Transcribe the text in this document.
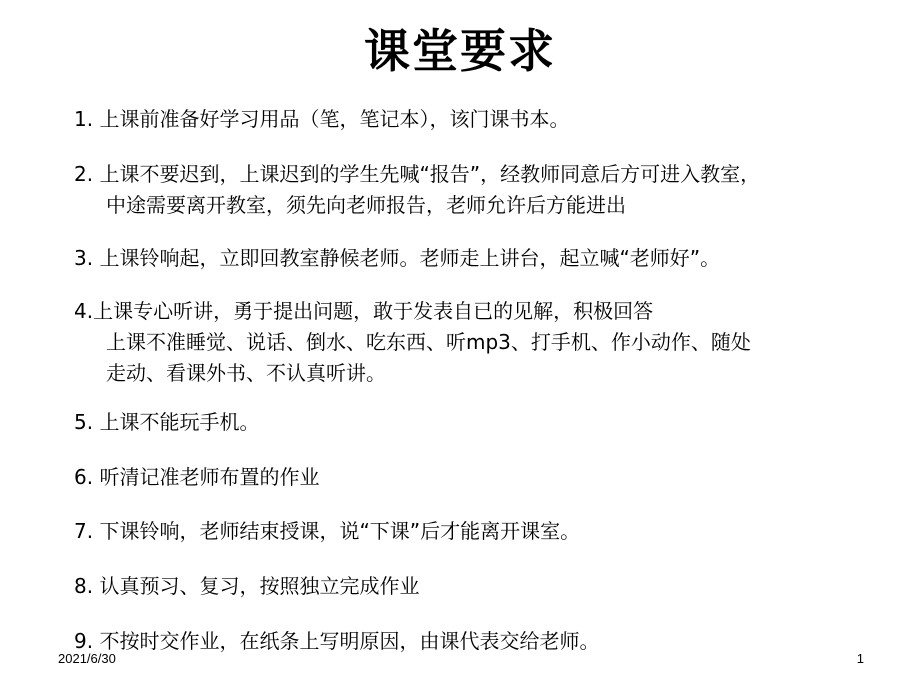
课堂要求
1. 上课前准备好学习用品（笔，笔记本），该门课书本。
2. 上课不要迟到，上课迟到的学生先喊“报告”，经教师同意后方可进入教室，
中途需要离开教室，须先向老师报告，老师允许后方能进出
3. 上课铃响起，立即回教室静候老师。老师走上讲台，起立喊“老师好”。
4.上课专心听讲，勇于提出问题，敢于发表自已的见解，积极回答
上课不准睡觉、说话、倒水、吃东西、听mp3、打手机、作小动作、随处
走动、看课外书、不认真听讲。
5. 上课不能玩手机。
6. 听清记准老师布置的作业
7. 下课铃响，老师结束授课，说“下课”后才能离开课室。
8. 认真预习、复习，按照独立完成作业
9. 不按时交作业，在纸条上写明原因，由课代表交给老师。
2021/6/30	1
